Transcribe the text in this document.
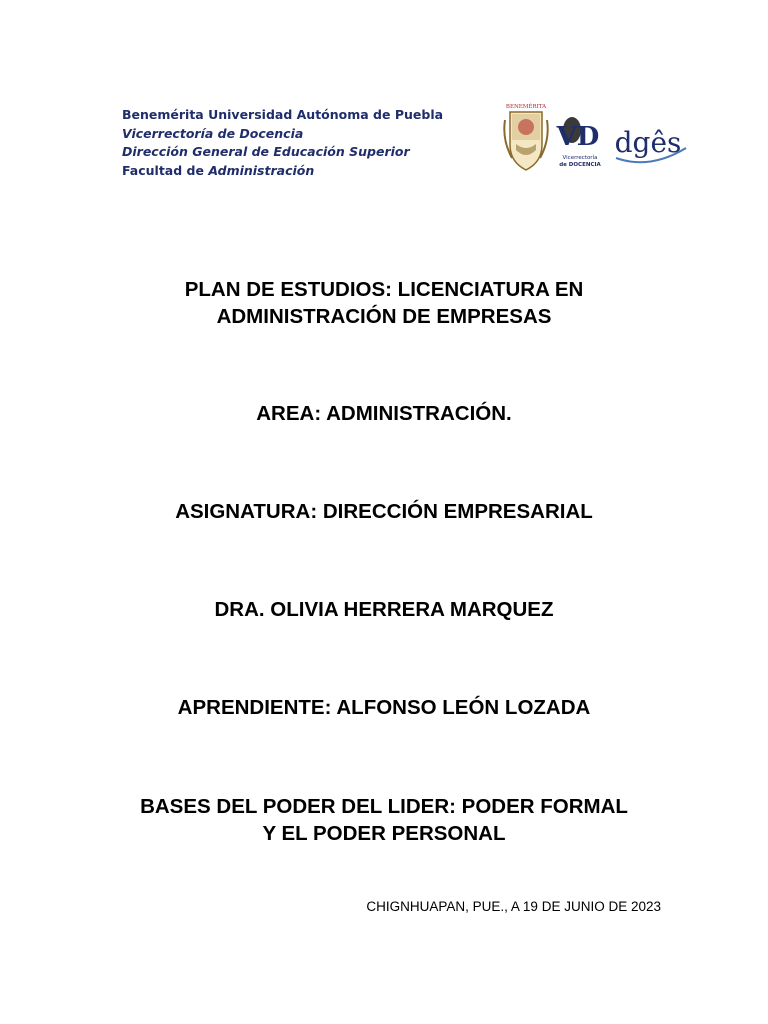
Benemérita Universidad Autónoma de Puebla
Vicerrectoría de Docencia
Dirección General de Educación Superior
Facultad de Administración
BENEMÉRITA
VD
Vicerrectoría
de DOCENCIA
dgês
PLAN DE ESTUDIOS: LICENCIATURA EN
ADMINISTRACIÓN DE EMPRESAS
AREA: ADMINISTRACIÓN.
ASIGNATURA: DIRECCIÓN EMPRESARIAL
DRA. OLIVIA HERRERA MARQUEZ
APRENDIENTE: ALFONSO LEÓN LOZADA
BASES DEL PODER DEL LIDER: PODER FORMAL
Y EL PODER PERSONAL
CHIGNHUAPAN, PUE., A 19 DE JUNIO DE 2023
